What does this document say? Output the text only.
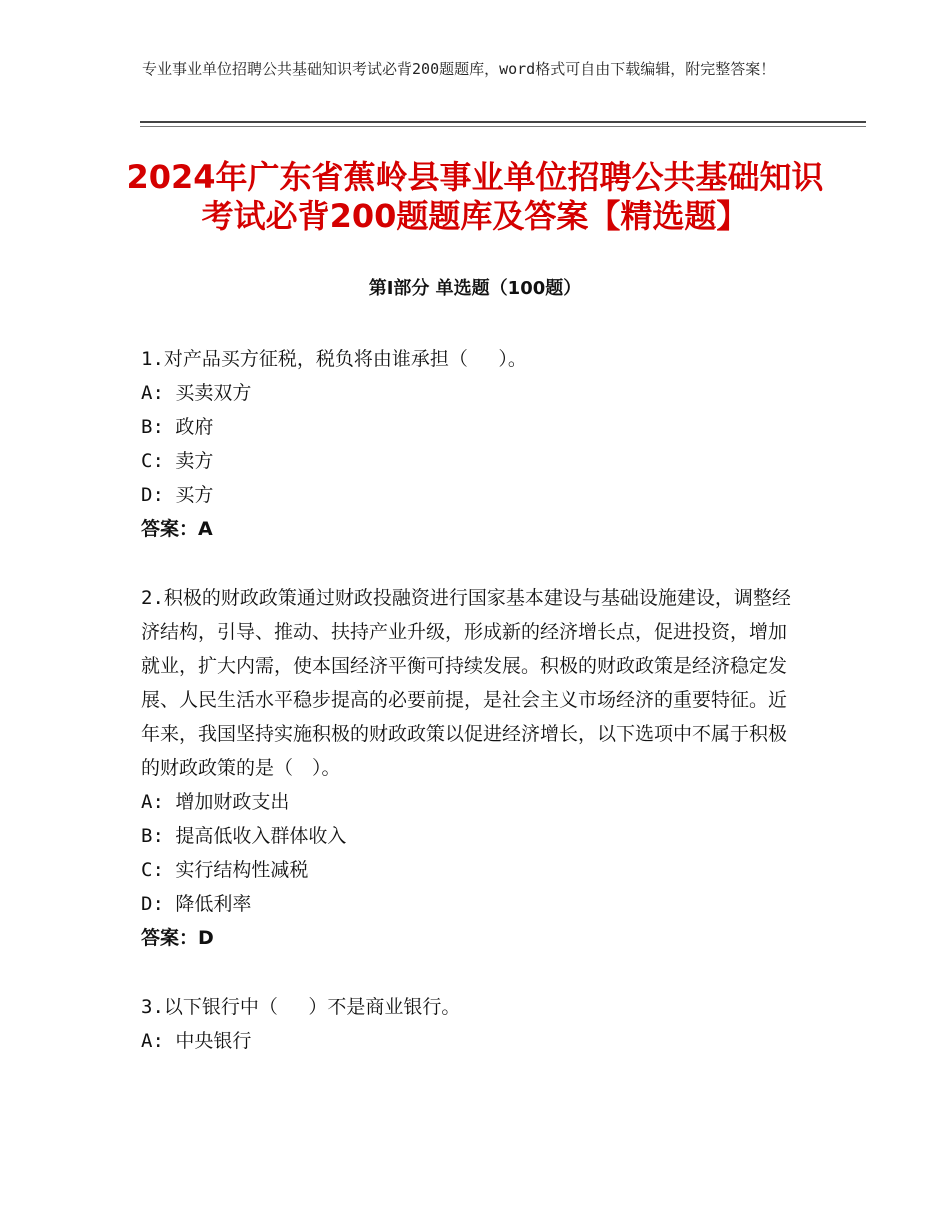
专业事业单位招聘公共基础知识考试必背200题题库，word格式可自由下载编辑，附完整答案！
2024年广东省蕉岭县事业单位招聘公共基础知识考试必背200题题库及答案【精选题】
第Ⅰ部分 单选题（100题）

1.对产品买方征税，税负将由谁承担（　 ）。

A: 买卖双方

B: 政府

C: 卖方

D: 买方

答案：A

2.积极的财政政策通过财政投融资进行国家基本建设与基础设施建设，调整经济结构，引导、推动、扶持产业升级，形成新的经济增长点，促进投资，增加就业，扩大内需，使本国经济平衡可持续发展。积极的财政政策是经济稳定发展、人民生活水平稳步提高的必要前提，是社会主义市场经济的重要特征。近年来，我国坚持实施积极的财政政策以促进经济增长，以下选项中不属于积极的财政政策的是（　）。

A: 增加财政支出

B: 提高低收入群体收入

C: 实行结构性减税

D: 降低利率

答案：D

3.以下银行中（　 ）不是商业银行。

A: 中央银行
